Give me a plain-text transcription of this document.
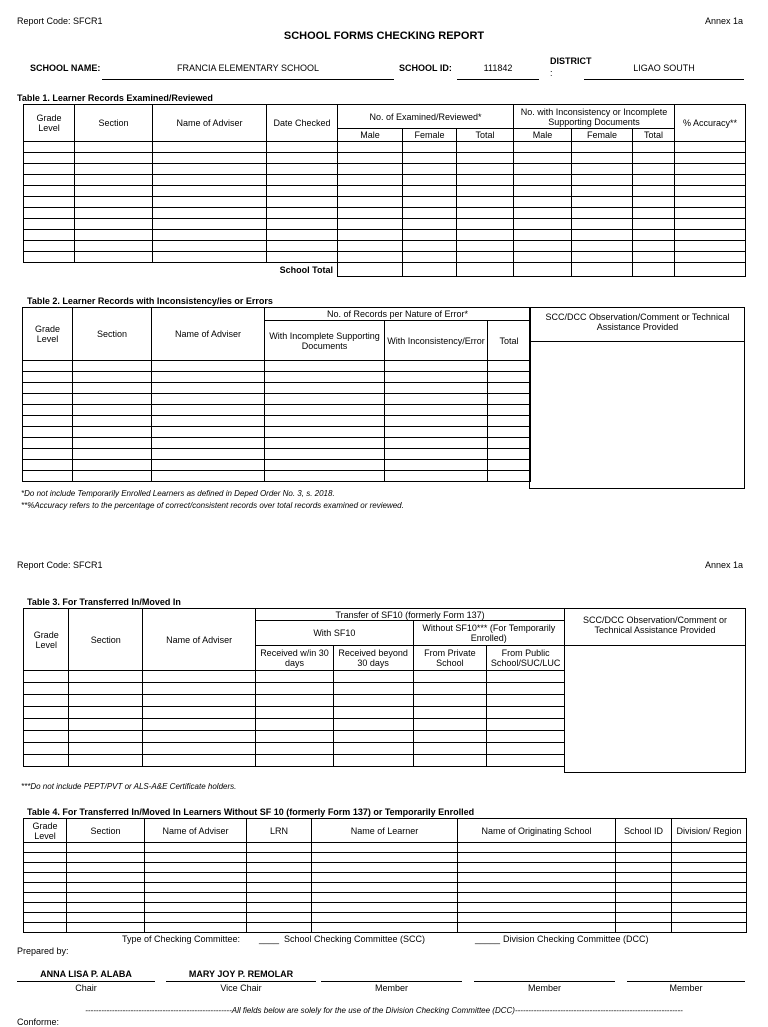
Report Code: SFCR1	Annex 1a
SCHOOL FORMS CHECKING REPORT
SCHOOL NAME:	FRANCIA ELEMENTARY SCHOOL	SCHOOL ID:	111842
DISTRICT
:	LIGAO SOUTH
Table 1. Learner Records Examined/Reviewed
Grade Level	Section	Name of Adviser	Date Checked	No. of Examined/Reviewed*			No. with Inconsistency or Incomplete Supporting Documents			% Accuracy**
				Male	Female	Total	Male	Female	Total	

School Total										
Table 2. Learner Records with Inconsistency/ies or Errors
Grade Level	Section	Name of Adviser	No. of Records per Nature of Error*		
			With Incomplete Supporting Documents	With Inconsistency/Error	Total

SCC/DCC Observation/Comment or Technical Assistance Provided
*Do not include Temporarily Enrolled Learners as defined in Deped Order No. 3, s. 2018.
**%Accuracy refers to the percentage of correct/consistent records over total records examined or reviewed.
Report Code: SFCR1	Annex 1a
Table 3. For Transferred In/Moved In
Grade Level	Section	Name of Adviser	Transfer of SF10 (formerly Form 137)			
			With SF10		Without SF10*** (For Temporarily Enrolled)	
			Received w/in 30 days	Received beyond 30 days	From Private School	From Public School/SUC/LUC

SCC/DCC Observation/Comment or Technical Assistance Provided
***Do not include PEPT/PVT or ALS-A&E Certificate holders.
Table 4. For Transferred In/Moved In Learners Without SF 10 (formerly Form 137) or Temporarily Enrolled
Grade Level	Section	Name of Adviser	LRN	Name of Learner	Name of Originating School	School ID	Division/ Region

Type of Checking Committee: ____ School Checking Committee (SCC)	_____ Division Checking Committee (DCC)
Prepared by:
ANNA LISA P. ALABA
Chair
MARY JOY P. REMOLAR
Vice Chair	Member	Member	Member
-------------------------------------------------------All fields below are solely for the use of the Division Checking Committee (DCC)---------------------------------------------------------------
Conforme:
